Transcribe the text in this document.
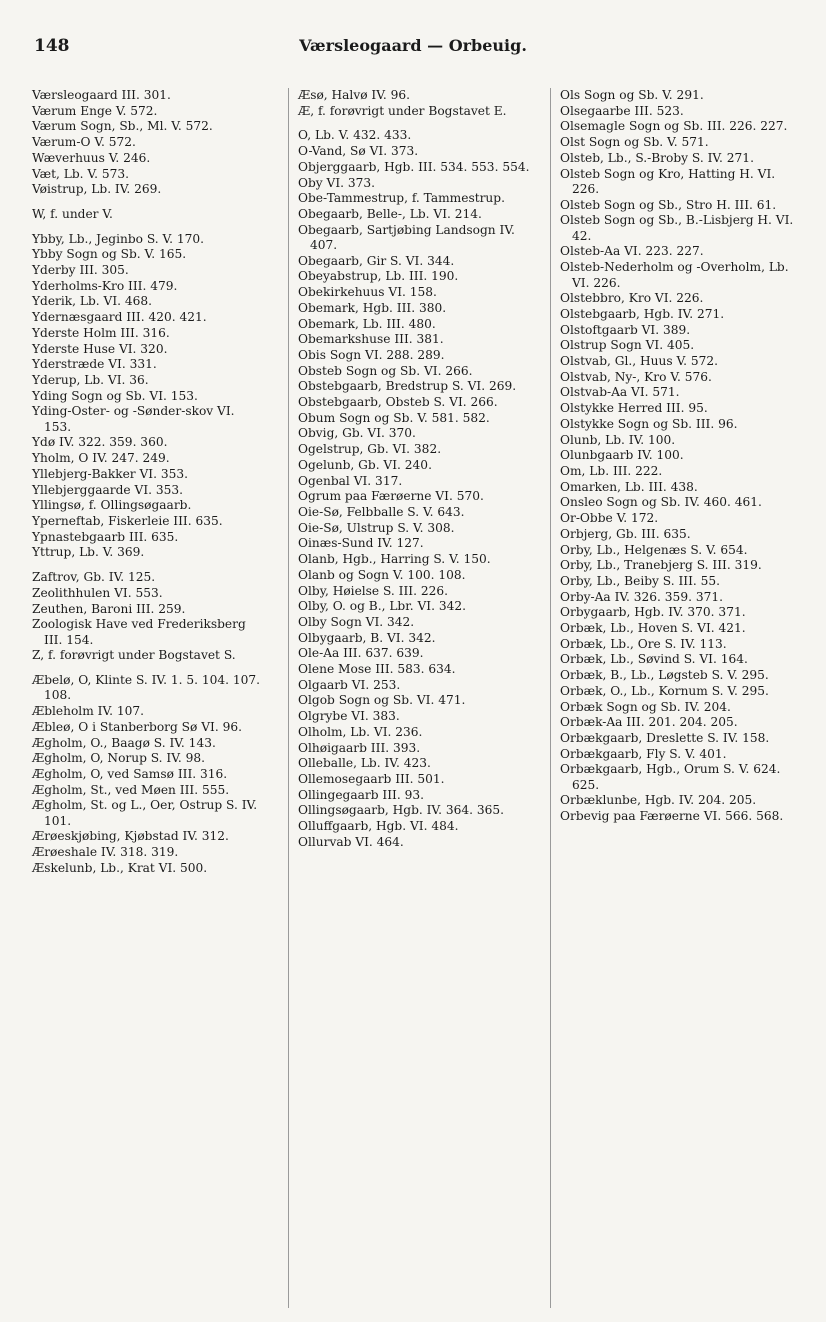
148	Værsleogaard — Orbeuig.
Værsleogaard III. 301.
Værum Enge V. 572.
Værum Sogn, Sb., Ml. V. 572.
Værum-O V. 572.
Wæverhuus V. 246.
Væt, Lb. V. 573.
Vøistrup, Lb. IV. 269.
W, f. under V.
Ybby, Lb., Jeginbo S. V. 170.
Ybby Sogn og Sb. V. 165.
Yderby III. 305.
Yderholms-Kro III. 479.
Yderik, Lb. VI. 468.
Ydernæsgaard III. 420. 421.
Yderste Holm III. 316.
Yderste Huse VI. 320.
Yderstræde VI. 331.
Yderup, Lb. VI. 36.
Yding Sogn og Sb. VI. 153.
Yding-Oster- og -Sønder-skov VI. 153.
Ydø IV. 322. 359. 360.
Yholm, O IV. 247. 249.
Yllebjerg-Bakker VI. 353.
Yllebjerggaarde VI. 353.
Yllingsø, f. Ollingsøgaarb.
Yperneftab, Fiskerleie III. 635.
Ypnastebgaarb III. 635.
Yttrup, Lb. V. 369.
Zaftrov, Gb. IV. 125.
Zeolithhulen VI. 553.
Zeuthen, Baroni III. 259.
Zoologisk Have ved Frederiksberg III. 154.
Z, f. forøvrigt under Bogstavet S.
Æbelø, O, Klinte S. IV. 1. 5. 104. 107. 108.
Æbleholm IV. 107.
Æbleø, O i Stanberborg Sø VI. 96.
Ægholm, O., Baagø S. IV. 143.
Ægholm, O, Norup S. IV. 98.
Ægholm, O, ved Samsø III. 316.
Ægholm, St., ved Møen III. 555.
Ægholm, St. og L., Oer, Ostrup S. IV. 101.
Ærøeskjøbing, Kjøbstad IV. 312.
Ærøeshale IV. 318. 319.
Æskelunb, Lb., Krat VI. 500.
Æsø, Halvø IV. 96.
Æ, f. forøvrigt under Bogstavet E.
O, Lb. V. 432. 433.
O-Vand, Sø VI. 373.
Objerggaarb, Hgb. III. 534. 553. 554.
Oby VI. 373.
Obe-Tammestrup, f. Tammestrup.
Obegaarb, Belle-, Lb. VI. 214.
Obegaarb, Sartjøbing Landsogn IV. 407.
Obegaarb, Gir S. VI. 344.
Obeyabstrup, Lb. III. 190.
Obekirkehuus VI. 158.
Obemark, Hgb. III. 380.
Obemark, Lb. III. 480.
Obemarkshuse III. 381.
Obis Sogn VI. 288. 289.
Obsteb Sogn og Sb. VI. 266.
Obstebgaarb, Bredstrup S. VI. 269.
Obstebgaarb, Obsteb S. VI. 266.
Obum Sogn og Sb. V. 581. 582.
Obvig, Gb. VI. 370.
Ogelstrup, Gb. VI. 382.
Ogelunb, Gb. VI. 240.
Ogenbal VI. 317.
Ogrum paa Færøerne VI. 570.
Oie-Sø, Felbballe S. V. 643.
Oie-Sø, Ulstrup S. V. 308.
Oinæs-Sund IV. 127.
Olanb, Hgb., Harring S. V. 150.
Olanb og Sogn V. 100. 108.
Olby, Høielse S. III. 226.
Olby, O. og B., Lbr. VI. 342.
Olby Sogn VI. 342.
Olbygaarb, B. VI. 342.
Ole-Aa III. 637. 639.
Olene Mose III. 583. 634.
Olgaarb VI. 253.
Olgob Sogn og Sb. VI. 471.
Olgrybe VI. 383.
Olholm, Lb. VI. 236.
Olhøigaarb III. 393.
Olleballe, Lb. IV. 423.
Ollemosegaarb III. 501.
Ollingegaarb III. 93.
Ollingsøgaarb, Hgb. IV. 364. 365.
Olluffgaarb, Hgb. VI. 484.
Ollurvab VI. 464.
Ols Sogn og Sb. V. 291.
Olsegaarbe III. 523.
Olsemagle Sogn og Sb. III. 226. 227.
Olst Sogn og Sb. V. 571.
Olsteb, Lb., S.-Broby S. IV. 271.
Olsteb Sogn og Kro, Hatting H. VI. 226.
Olsteb Sogn og Sb., Stro H. III. 61.
Olsteb Sogn og Sb., B.-Lisbjerg H. VI. 42.
Olsteb-Aa VI. 223. 227.
Olsteb-Nederholm og -Overholm, Lb. VI. 226.
Olstebbro, Kro VI. 226.
Olstebgaarb, Hgb. IV. 271.
Olstoftgaarb VI. 389.
Olstrup Sogn VI. 405.
Olstvab, Gl., Huus V. 572.
Olstvab, Ny-, Kro V. 576.
Olstvab-Aa VI. 571.
Olstykke Herred III. 95.
Olstykke Sogn og Sb. III. 96.
Olunb, Lb. IV. 100.
Olunbgaarb IV. 100.
Om, Lb. III. 222.
Omarken, Lb. III. 438.
Onsleo Sogn og Sb. IV. 460. 461.
Or-Obbe V. 172.
Orbjerg, Gb. III. 635.
Orby, Lb., Helgenæs S. V. 654.
Orby, Lb., Tranebjerg S. III. 319.
Orby, Lb., Beiby S. III. 55.
Orby-Aa IV. 326. 359. 371.
Orbygaarb, Hgb. IV. 370. 371.
Orbæk, Lb., Hoven S. VI. 421.
Orbæk, Lb., Ore S. IV. 113.
Orbæk, Lb., Søvind S. VI. 164.
Orbæk, B., Lb., Løgsteb S. V. 295.
Orbæk, O., Lb., Kornum S. V. 295.
Orbæk Sogn og Sb. IV. 204.
Orbæk-Aa III. 201. 204. 205.
Orbækgaarb, Dreslette S. IV. 158.
Orbækgaarb, Fly S. V. 401.
Orbækgaarb, Hgb., Orum S. V. 624. 625.
Orbæklunbe, Hgb. IV. 204. 205.
Orbevig paa Færøerne VI. 566. 568.
